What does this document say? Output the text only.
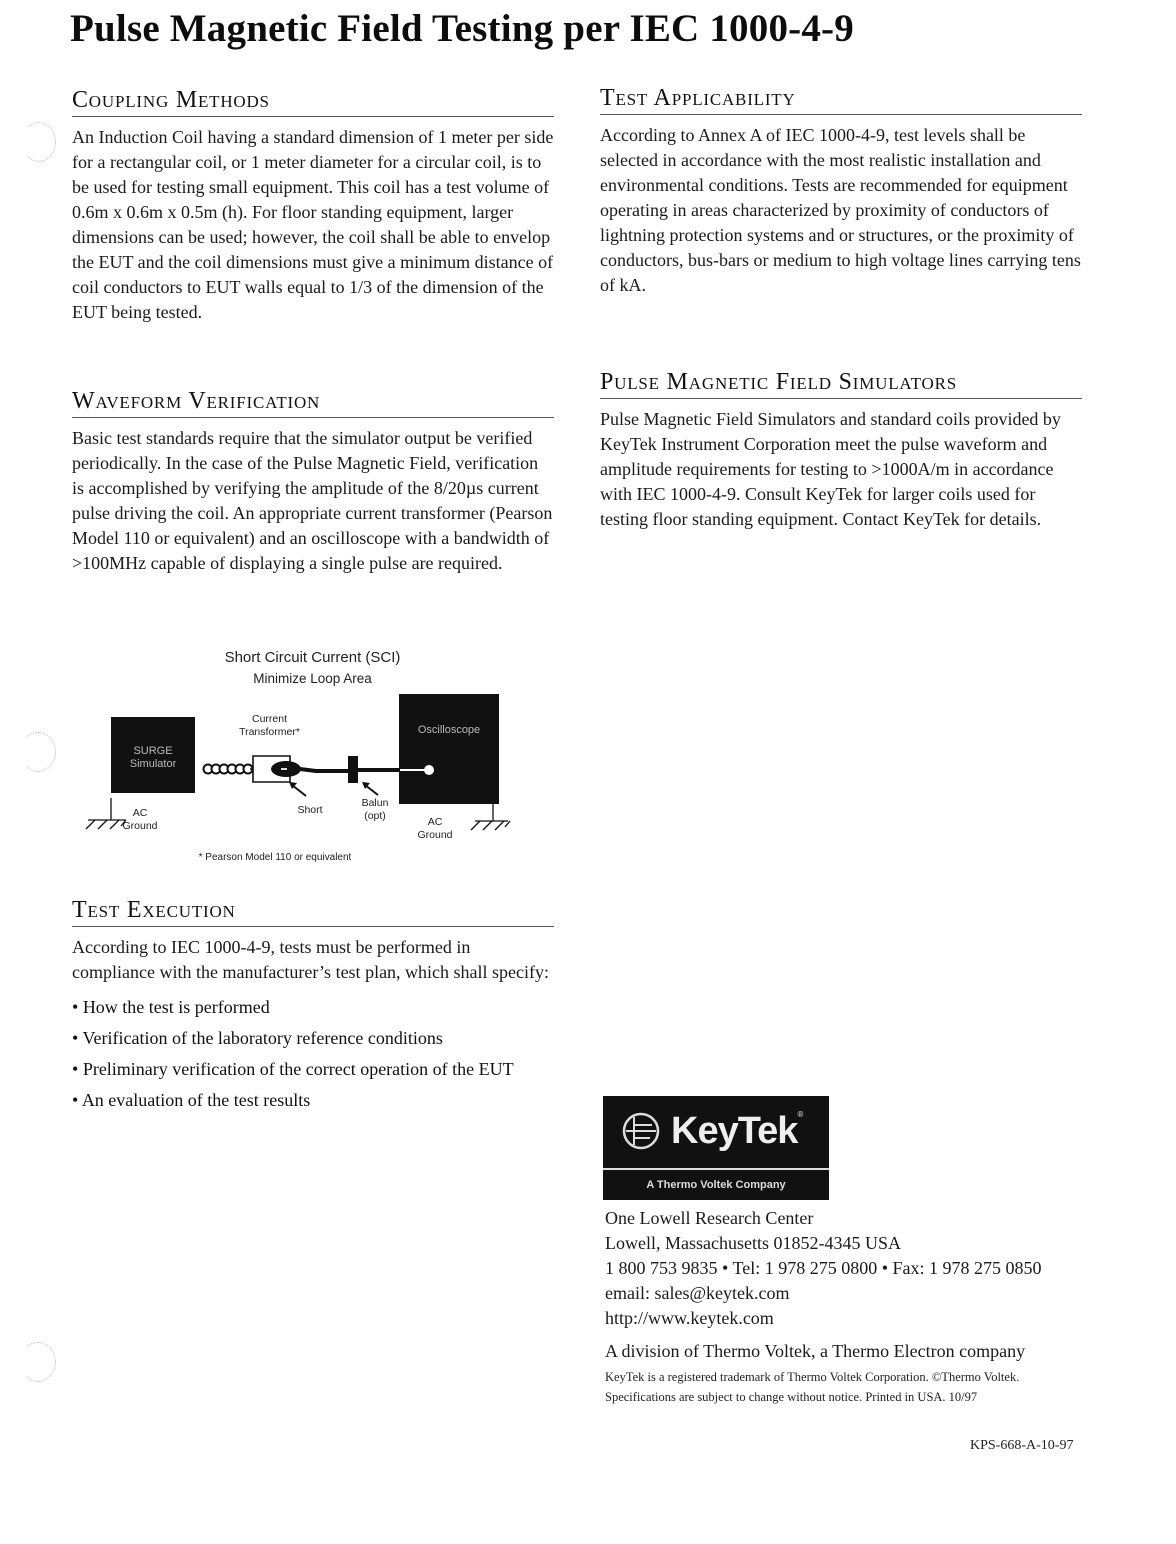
Pulse Magnetic Field Testing per IEC 1000-4-9
Coupling Methods

An Induction Coil having a standard dimension of 1 meter per side for a rectangular coil, or 1 meter diameter for a circular coil, is to be used for testing small equipment. This coil has a test volume of 0.6m x 0.6m x 0.5m (h). For floor standing equipment, larger dimensions can be used; however, the coil shall be able to envelop the EUT and the coil dimensions must give a minimum distance of coil conductors to EUT walls equal to 1/3 of the dimension of the EUT being tested.

Waveform Verification

Basic test standards require that the simulator output be verified periodically. In the case of the Pulse Magnetic Field, verification is accomplished by verifying the amplitude of the 8/20µs current pulse driving the coil. An appropriate current transformer (Pearson Model 110 or equivalent) and an oscilloscope with a bandwidth of >100MHz capable of displaying a single pulse are required.

Short Circuit Current (SCI)
Minimize Loop Area
SURGE
Simulator
Oscilloscope
Current
Transformer*
Short
Balun
(opt)
AC
Ground	AC
Ground
* Pearson Model 110 or equivalent
Test Execution

According to IEC 1000-4-9, tests must be performed in compliance with the manufacturer’s test plan, which shall specify:

• How the test is performed
• Verification of the laboratory reference conditions
• Preliminary verification of the correct operation of the EUT
• An evaluation of the test results
Test Applicability

According to Annex A of IEC 1000-4-9, test levels shall be selected in accordance with the most realistic installation and environmental conditions. Tests are recommended for equipment operating in areas characterized by proximity of conductors of lightning protection systems and or structures, or the proximity of conductors, bus-bars or medium to high voltage lines carrying tens of kA.

Pulse Magnetic Field Simulators

Pulse Magnetic Field Simulators and standard coils provided by KeyTek Instrument Corporation meet the pulse waveform and amplitude requirements for testing to >1000A/m in accordance with IEC 1000-4-9. Consult KeyTek for larger coils used for testing floor standing equipment. Contact KeyTek for details.

KeyTek®
A Thermo Voltek Company
One Lowell Research Center
Lowell, Massachusetts 01852-4345 USA
1 800 753 9835 • Tel: 1 978 275 0800 • Fax: 1 978 275 0850
email: sales@keytek.com
http://www.keytek.com
A division of Thermo Voltek, a Thermo Electron company
KeyTek is a registered trademark of Thermo Voltek Corporation. ©Thermo Voltek.
Specifications are subject to change without notice. Printed in USA. 10/97
KPS-668-A-10-97
